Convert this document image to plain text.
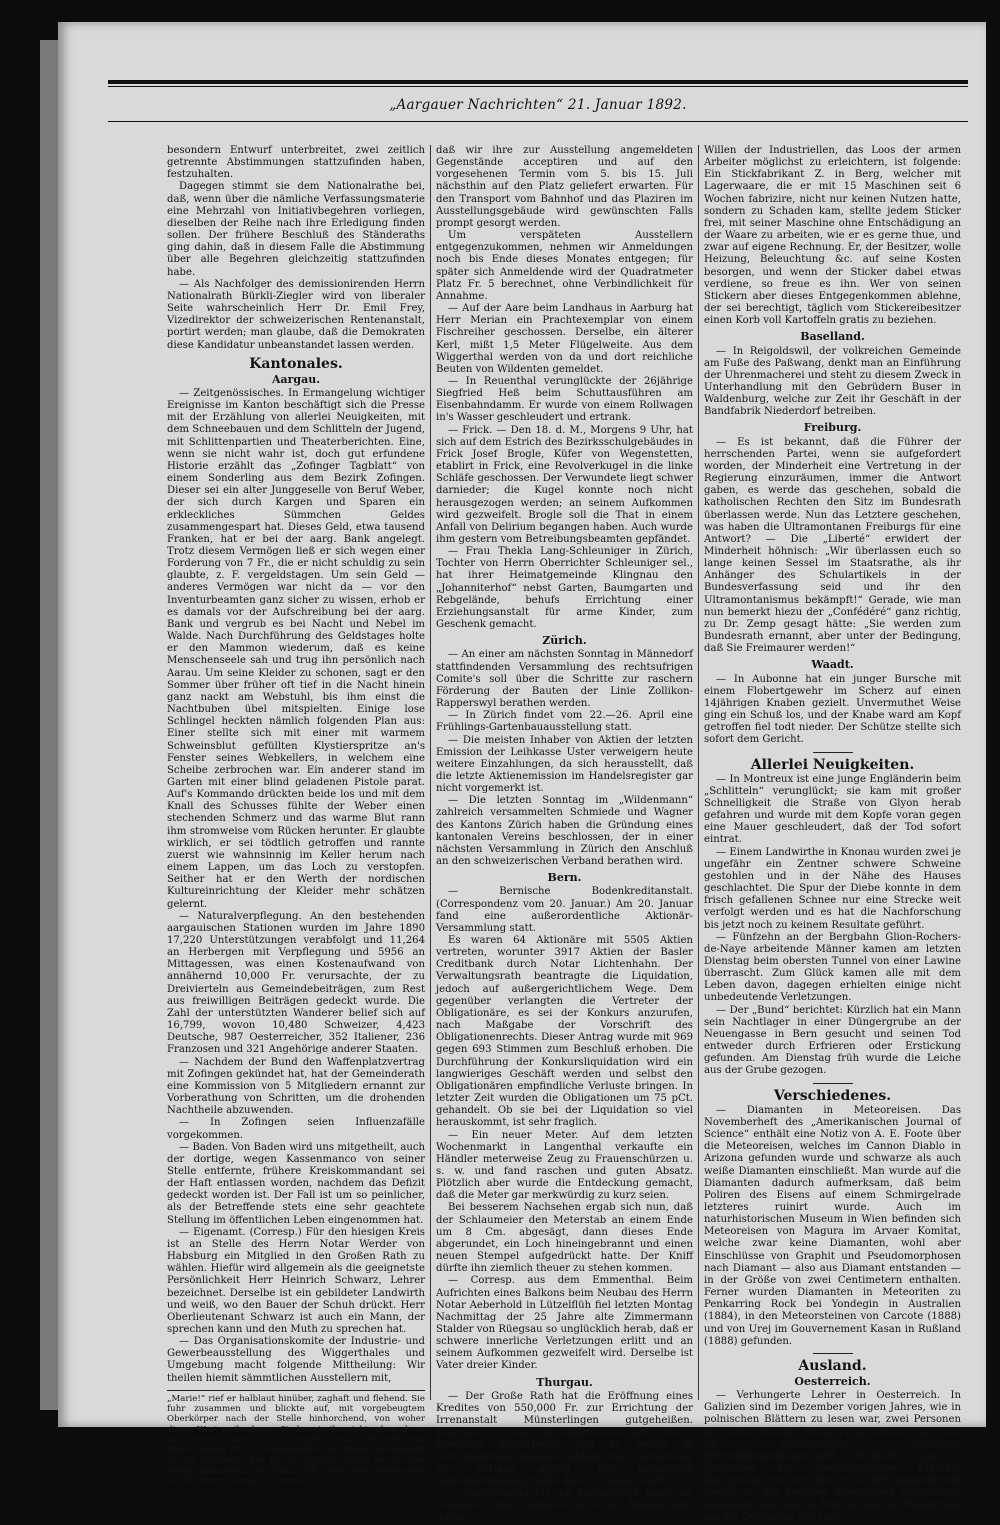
„Aargauer Nachrichten“ 21. Januar 1892.

besondern Entwurf unterbreitet, zwei zeitlich getrennte Abstimmungen stattzufinden haben, festzuhalten.

Dagegen stimmt sie dem Nationalrathe bei, daß, wenn über die nämliche Verfassungsmaterie eine Mehrzahl von Initiativbegehren vorliegen, dieselben der Reihe nach ihre Erledigung finden sollen. Der frühere Beschluß des Ständeraths ging dahin, daß in diesem Falle die Abstimmung über alle Begehren gleichzeitig stattzufinden habe.

— Als Nachfolger des demissionirenden Herrn Nationalrath Bürkli-Ziegler wird von liberaler Seite wahrscheinlich Herr Dr. Emil Frey, Vizedirektor der schweizerischen Rentenanstalt, portirt werden; man glaube, daß die Demokraten diese Kandidatur unbeanstandet lassen werden.

Kantonales.
Aargau.

— Zeitgenössisches. In Ermangelung wichtiger Ereignisse im Kanton beschäftigt sich die Presse mit der Erzählung von allerlei Neuigkeiten, mit dem Schneebauen und dem Schlitteln der Jugend, mit Schlittenpartien und Theaterberichten. Eine, wenn sie nicht wahr ist, doch gut erfundene Historie erzählt das „Zofinger Tagblatt“ von einem Sonderling aus dem Bezirk Zofingen. Dieser sei ein alter Junggeselle von Beruf Weber, der sich durch Kargen und Sparen ein erkleckliches Sümmchen Geldes zusammengespart hat. Dieses Geld, etwa tausend Franken, hat er bei der aarg. Bank angelegt. Trotz diesem Vermögen ließ er sich wegen einer Forderung von 7 Fr., die er nicht schuldig zu sein glaubte, z. F. vergeldstagen. Um sein Geld — anderes Vermögen war nicht da — vor den Inventurbeamten ganz sicher zu wissen, erhob er es damals vor der Aufschreibung bei der aarg. Bank und vergrub es bei Nacht und Nebel im Walde. Nach Durchführung des Geldstages holte er den Mammon wiederum, daß es keine Menschenseele sah und trug ihn persönlich nach Aarau. Um seine Kleider zu schonen, sagt er den Sommer über früher oft tief in die Nacht hinein ganz nackt am Webstuhl, bis ihm einst die Nachtbuben übel mitspielten. Einige lose Schlingel heckten nämlich folgenden Plan aus: Einer stellte sich mit einer mit warmem Schweinsblut gefüllten Klystierspritze an's Fenster seines Webkellers, in welchem eine Scheibe zerbrochen war. Ein anderer stand im Garten mit einer blind geladenen Pistole parat. Auf's Kommando drückten beide los und mit dem Knall des Schusses fühlte der Weber einen stechenden Schmerz und das warme Blut rann ihm stromweise vom Rücken herunter. Er glaubte wirklich, er sei tödtlich getroffen und rannte zuerst wie wahnsinnig im Keller herum nach einem Lappen, um das Loch zu verstopfen. Seither hat er den Werth der nordischen Kultureinrichtung der Kleider mehr schätzen gelernt.

— Naturalverpflegung. An den bestehenden aargauischen Stationen wurden im Jahre 1890 17,220 Unterstützungen verabfolgt und 11,264 an Herbergen mit Verpflegung und 5956 an Mittagessen, was einen Kostenaufwand von annähernd 10,000 Fr. verursachte, der zu Dreivierteln aus Gemeindebeiträgen, zum Rest aus freiwilligen Beiträgen gedeckt wurde. Die Zahl der unterstützten Wanderer belief sich auf 16,799, wovon 10,480 Schweizer, 4,423 Deutsche, 987 Oesterreicher, 352 Italiener, 236 Franzosen und 321 Angehörige anderer Staaten.

— Nachdem der Bund den Waffenplatzvertrag mit Zofingen gekündet hat, hat der Gemeinderath eine Kommission von 5 Mitgliedern ernannt zur Vorberathung von Schritten, um die drohenden Nachtheile abzuwenden.

— In Zofingen seien Influenzafälle vorgekommen.

— Baden. Von Baden wird uns mitgetheilt, auch der dortige, wegen Kassenmanco von seiner Stelle entfernte, frühere Kreiskommandant sei der Haft entlassen worden, nachdem das Defizit gedeckt worden ist. Der Fall ist um so peinlicher, als der Betreffende stets eine sehr geachtete Stellung im öffentlichen Leben eingenommen hat.

— Eigenamt. (Corresp.) Für den hiesigen Kreis ist an Stelle des Herrn Notar Werder von Habsburg ein Mitglied in den Großen Rath zu wählen. Hiefür wird allgemein als die geeignetste Persönlichkeit Herr Heinrich Schwarz, Lehrer bezeichnet. Derselbe ist ein gebildeter Landwirth und weiß, wo den Bauer der Schuh drückt. Herr Oberlieutenant Schwarz ist auch ein Mann, der sprechen kann und den Muth zu sprechen hat.

— Das Organisationskomite der Industrie- und Gewerbeausstellung des Wiggerthales und Umgebung macht folgende Mittheilung: Wir theilen hiemit sämmtlichen Ausstellern mit,

„Marie!“ rief er halblaut hinüber, zaghaft und flehend. Sie fuhr zusammen und blickte auf, mit vorgebeugtem Oberkörper nach der Stelle hinhorchend, von woher dieses Wort zu ihr drang. Sie konnte ihn nicht sehen, da er im Schatten hatte. — Und Leopold fand nicht mehr den Muth, seinen Ruf zu wiederholen. Die Finger krampfhaft in das Gezweige der Hecke gekrallt, stand er da, den Athem anhaltend, den Blick voll Sehnsucht unverwandt auf die theure Gestalt richtend.

daß wir ihre zur Ausstellung angemeldeten Gegenstände acceptiren und auf den vorgesehenen Termin vom 5. bis 15. Juli nächsthin auf den Platz geliefert erwarten. Für den Transport vom Bahnhof und das Plaziren im Ausstellungsgebäude wird gewünschten Falls prompt gesorgt werden.

Um verspäteten Ausstellern entgegenzukommen, nehmen wir Anmeldungen noch bis Ende dieses Monates entgegen; für später sich Anmeldende wird der Quadratmeter Platz Fr. 5 berechnet, ohne Verbindlichkeit für Annahme.

— Auf der Aare beim Landhaus in Aarburg hat Herr Merian ein Prachtexemplar von einem Fischreiher geschossen. Derselbe, ein älterer Kerl, mißt 1,5 Meter Flügelweite. Aus dem Wiggerthal werden von da und dort reichliche Beuten von Wildenten gemeldet.

— In Reuenthal verunglückte der 26jährige Siegfried Heß beim Schuttausführen am Eisenbahndamm. Er wurde von einem Rollwagen in's Wasser geschleudert und ertrank.

— Frick. — Den 18. d. M., Morgens 9 Uhr, hat sich auf dem Estrich des Bezirksschulgebäudes in Frick Josef Brogle, Küfer von Wegenstetten, etablirt in Frick, eine Revolverkugel in die linke Schläfe geschossen. Der Verwundete liegt schwer darnieder; die Kugel konnte noch nicht herausgezogen werden; an seinem Aufkommen wird gezweifelt. Brogle soll die That in einem Anfall von Delirium begangen haben. Auch wurde ihm gestern vom Betreibungsbeamten gepfändet.

— Frau Thekla Lang-Schleuniger in Zürich, Tochter von Herrn Oberrichter Schleuniger sel., hat ihrer Heimatgemeinde Klingnau den „Johanniterhof“ nebst Garten, Baumgarten und Rebgelände, behufs Errichtung einer Erziehungsanstalt für arme Kinder, zum Geschenk gemacht.

Zürich.

— An einer am nächsten Sonntag in Männedorf stattfindenden Versammlung des rechtsufrigen Comite's soll über die Schritte zur raschern Förderung der Bauten der Linie Zollikon-Rapperswyl berathen werden.

— In Zürich findet vom 22.—26. April eine Frühlings-Gartenbauausstellung statt.

— Die meisten Inhaber von Aktien der letzten Emission der Leihkasse Uster verweigern heute weitere Einzahlungen, da sich herausstellt, daß die letzte Aktienemission im Handelsregister gar nicht vorgemerkt ist.

— Die letzten Sonntag im „Wildenmann“ zahlreich versammelten Schmiede und Wagner des Kantons Zürich haben die Gründung eines kantonalen Vereins beschlossen, der in einer nächsten Versammlung in Zürich den Anschluß an den schweizerischen Verband berathen wird.

Bern.

— Bernische Bodenkreditanstalt. (Correspondenz vom 20. Januar.) Am 20. Januar fand eine außerordentliche Aktionär-Versammlung statt.

Es waren 64 Aktionäre mit 5505 Aktien vertreten, worunter 3917 Aktien der Basler Creditbank durch Notar Lichtenhahn. Der Verwaltungsrath beantragte die Liquidation, jedoch auf außergerichtlichem Wege. Dem gegenüber verlangten die Vertreter der Obligationäre, es sei der Konkurs anzurufen, nach Maßgabe der Vorschrift des Obligationenrechts. Dieser Antrag wurde mit 969 gegen 693 Stimmen zum Beschluß erhoben. Die Durchführung der Konkursliquidation wird ein langwieriges Geschäft werden und selbst den Obligationären empfindliche Verluste bringen. In letzter Zeit wurden die Obligationen um 75 pCt. gehandelt. Ob sie bei der Liquidation so viel herauskommt, ist sehr fraglich.

— Ein neuer Meter. Auf dem letzten Wochenmarkt in Langenthal verkaufte ein Händler meterweise Zeug zu Frauenschürzen u. s. w. und fand raschen und guten Absatz. Plötzlich aber wurde die Entdeckung gemacht, daß die Meter gar merkwürdig zu kurz seien.

Bei besserem Nachsehen ergab sich nun, daß der Schlaumeier den Meterstab an einem Ende um 8 Cm. abgesägt, dann dieses Ende abgerundet, ein Loch hineingebrannt und einen neuen Stempel aufgedrückt hatte. Der Kniff dürfte ihn ziemlich theuer zu stehen kommen.

— Corresp. aus dem Emmenthal. Beim Aufrichten eines Balkons beim Neubau des Herrn Notar Aeberhold in Lützelflüh fiel letzten Montag Nachmittag der 25 Jahre alte Zimmermann Stalder von Rüegsau so unglücklich herab, daß er schwere innerliche Verletzungen erlitt und an seinem Aufkommen gezweifelt wird. Derselbe ist Vater dreier Kinder.

Thurgau.

— Der Große Rath hat die Eröffnung eines Kredites von 550,000 Fr. zur Errichtung der Irrenanstalt Münsterlingen gutgeheißen. Dagegen ist man im allgemeinen mit diesem Beschluß unzufrieden und es werde in verschiedenen Kreisen lebhaft für Verwerfung der Vorlage agitirt. Die bezügliche Volksabstimmung findet den 31. Januar statt.

— Bezeichnend für die bedenkliche Lage der Stickerei, aber zugleich auch ein Beweis vom guten

Willen der Industriellen, das Loos der armen Arbeiter möglichst zu erleichtern, ist folgende: Ein Stickfabrikant Z. in Berg, welcher mit Lagerwaare, die er mit 15 Maschinen seit 6 Wochen fabrizire, nicht nur keinen Nutzen hatte, sondern zu Schaden kam, stellte jedem Sticker frei, mit seiner Maschine ohne Entschädigung an der Waare zu arbeiten, wie er es gerne thue, und zwar auf eigene Rechnung. Er, der Besitzer, wolle Heizung, Beleuchtung &c. auf seine Kosten besorgen, und wenn der Sticker dabei etwas verdiene, so freue es ihn. Wer von seinen Stickern aber dieses Entgegenkommen ablehne, der sei berechtigt, täglich vom Stickereibesitzer einen Korb voll Kartoffeln gratis zu beziehen.

Baselland.

— In Reigoldswil, der volkreichen Gemeinde am Fuße des Paßwang, denkt man an Einführung der Uhrenmacherei und steht zu diesem Zweck in Unterhandlung mit den Gebrüdern Buser in Waldenburg, welche zur Zeit ihr Geschäft in der Bandfabrik Niederdorf betreiben.

Freiburg.

— Es ist bekannt, daß die Führer der herrschenden Partei, wenn sie aufgefordert worden, der Minderheit eine Vertretung in der Regierung einzuräumen, immer die Antwort gaben, es werde das geschehen, sobald die katholischen Rechten den Sitz im Bundesrath überlassen werde. Nun das Letztere geschehen, was haben die Ultramontanen Freiburgs für eine Antwort? — Die „Liberté“ erwidert der Minderheit höhnisch: „Wir überlassen euch so lange keinen Sessel im Staatsrathe, als ihr Anhänger des Schulartikels in der Bundesverfassung seid und ihr den Ultramontanismus bekämpft!“ Gerade, wie man nun bemerkt hiezu der „Confédéré“ ganz richtig, zu Dr. Zemp gesagt hätte: „Sie werden zum Bundesrath ernannt, aber unter der Bedingung, daß Sie Freimaurer werden!“

Waadt.

— In Aubonne hat ein junger Bursche mit einem Flobertgewehr im Scherz auf einen 14jährigen Knaben gezielt. Unvermuthet Weise ging ein Schuß los, und der Knabe ward am Kopf getroffen fiel todt nieder. Der Schütze stellte sich sofort dem Gericht.

Allerlei Neuigkeiten.

— In Montreux ist eine junge Engländerin beim „Schlitteln“ verunglückt; sie kam mit großer Schnelligkeit die Straße von Glyon herab gefahren und wurde mit dem Kopfe voran gegen eine Mauer geschleudert, daß der Tod sofort eintrat.

— Einem Landwirthe in Knonau wurden zwei je ungefähr ein Zentner schwere Schweine gestohlen und in der Nähe des Hauses geschlachtet. Die Spur der Diebe konnte in dem frisch gefallenen Schnee nur eine Strecke weit verfolgt werden und es hat die Nachforschung bis jetzt noch zu keinem Resultate geführt.

— Fünfzehn an der Bergbahn Glion-Rochers-de-Naye arbeitende Männer kamen am letzten Dienstag beim obersten Tunnel von einer Lawine überrascht. Zum Glück kamen alle mit dem Leben davon, dagegen erhielten einige nicht unbedeutende Verletzungen.

— Der „Bund“ berichtet: Kürzlich hat ein Mann sein Nachtlager in einer Düngergrube an der Neuengasse in Bern gesucht und seinen Tod entweder durch Erfrieren oder Erstickung gefunden. Am Dienstag früh wurde die Leiche aus der Grube gezogen.

Verschiedenes.

— Diamanten in Meteoreisen. Das Novemberheft des „Amerikanischen Journal of Science“ enthält eine Notiz von A. E. Foote über die Meteoreisen, welches im Cannon Diablo in Arizona gefunden wurde und schwarze als auch weiße Diamanten einschließt. Man wurde auf die Diamanten dadurch aufmerksam, daß beim Poliren des Eisens auf einem Schmirgelrade letzteres ruinirt wurde. Auch im naturhistorischen Museum in Wien befinden sich Meteoreisen von Magura im Arvaer Komitat, welche zwar keine Diamanten, wohl aber Einschlüsse von Graphit und Pseudomorphosen nach Diamant — also aus Diamant entstanden — in der Größe von zwei Centimetern enthalten. Ferner wurden Diamanten in Meteoriten zu Penkarring Rock bei Yondegin in Australien (1884), in den Meteorsteinen von Carcote (1888) und von Urej im Gouvernement Kasan in Rußland (1888) gefunden.

Ausland.
Oesterreich.

— Verhungerte Lehrer in Oesterreich. In Galizien sind im Dezember vorigen Jahres, wie in polnischen Blättern zu lesen war, zwei Personen des Lehrerstandes Hungers gestorben, und zwar im Gebirgsdorfe Growkow (Bezirkshauptmannschaft Neumarkt) am 7. Dezember das siebzehnjährige Fräulein Korczynska, welches mit 16 Gulden monatlichem Gehalt an der dortigen öffentlichen Volksschule angestellt war, und in Budszczany bei Pomorzany am 13. Dezember der vier-
